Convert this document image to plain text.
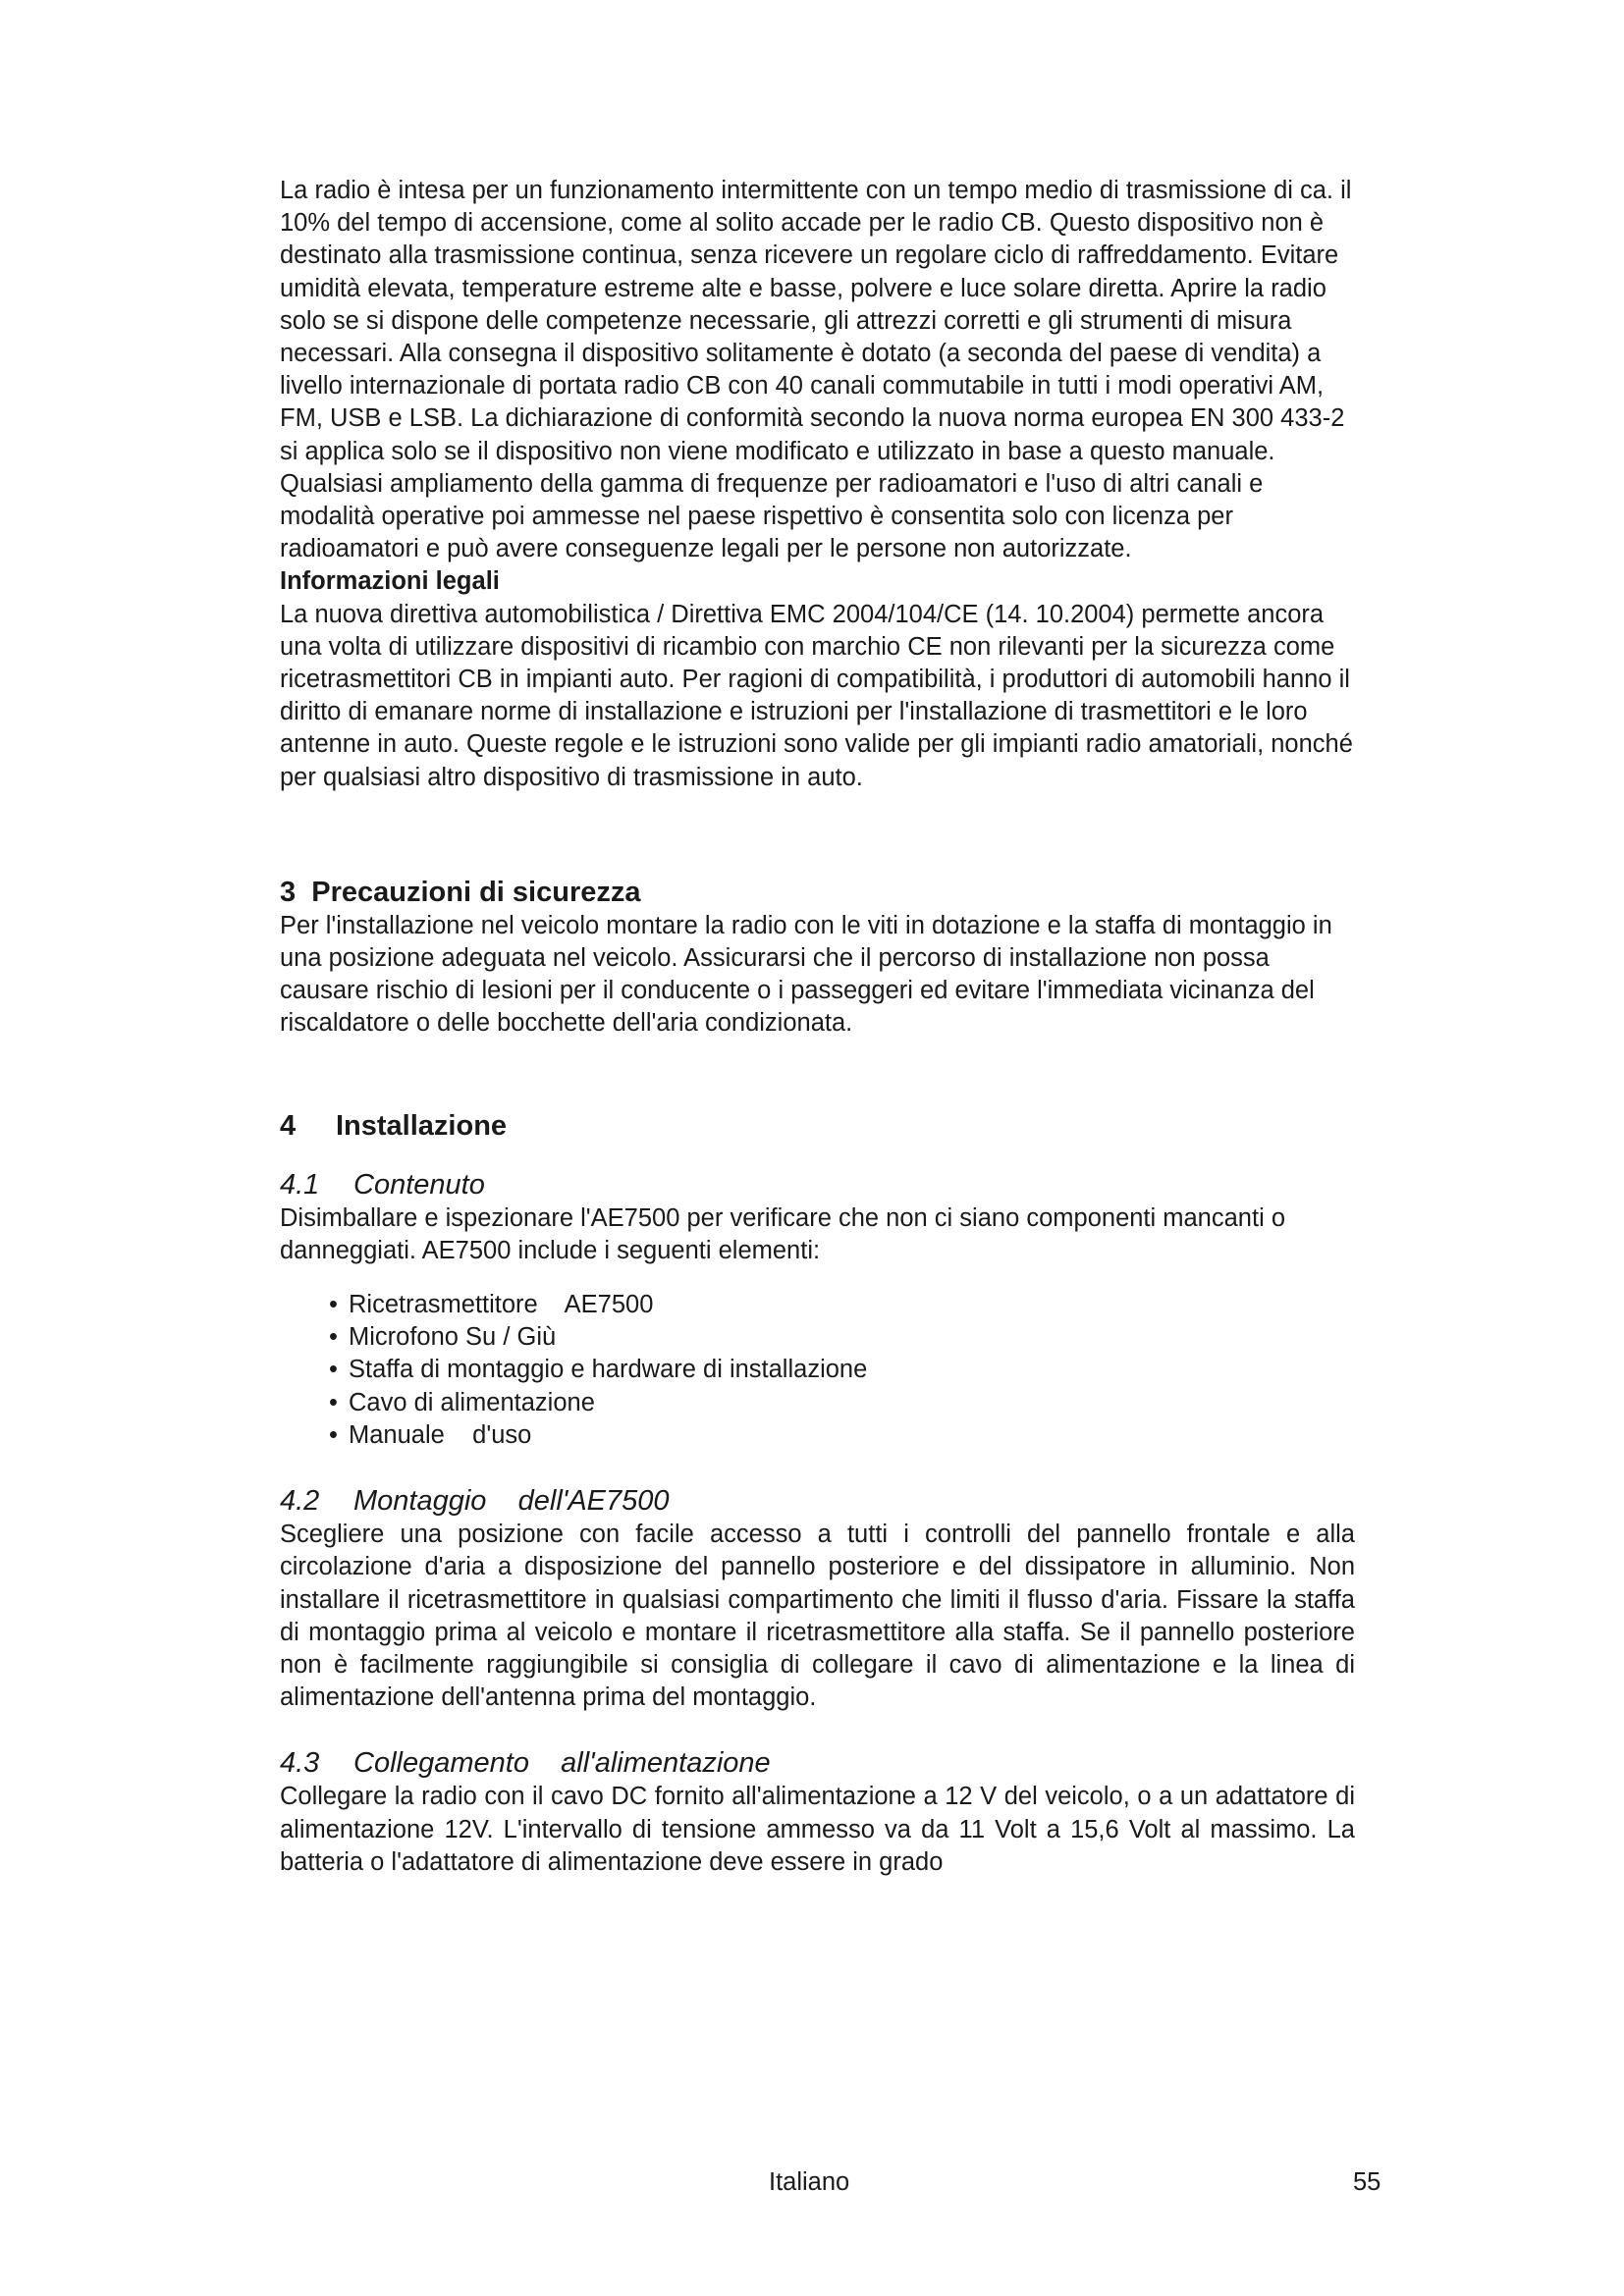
La radio è intesa per un funzionamento intermittente con un tempo medio di trasmissione di ca. il 10% del tempo di accensione, come al solito accade per le radio CB. Questo dispositivo non è destinato alla trasmissione continua, senza ricevere un regolare ciclo di raffreddamento. Evitare umidità elevata, temperature estreme alte e basse, polvere e luce solare diretta. Aprire la radio solo se si dispone delle competenze necessarie, gli attrezzi corretti e gli strumenti di misura necessari. Alla consegna il dispositivo solitamente è dotato (a seconda del paese di vendita) a livello internazionale di portata radio CB con 40 canali commutabile in tutti i modi operativi AM, FM, USB e LSB. La dichiarazione di conformità secondo la nuova norma europea EN 300 433-2 si applica solo se il dispositivo non viene modificato e utilizzato in base a questo manuale. Qualsiasi ampliamento della gamma di frequenze per radioamatori e l'uso di altri canali e modalità operative poi ammesse nel paese rispettivo è consentita solo con licenza per radioamatori e può avere conseguenze legali per le persone non autorizzate.

Informazioni legali

La nuova direttiva automobilistica / Direttiva EMC 2004/104/CE (14. 10.2004) permette ancora una volta di utilizzare dispositivi di ricambio con marchio CE non rilevanti per la sicurezza come ricetrasmettitori CB in impianti auto. Per ragioni di compatibilità, i produttori di automobili hanno il diritto di emanare norme di installazione e istruzioni per l'installazione di trasmettitori e le loro antenne in auto. Queste regole e le istruzioni sono valide per gli impianti radio amatoriali, nonché per qualsiasi altro dispositivo di trasmissione in auto.

3 Precauzioni di sicurezza

Per l'installazione nel veicolo montare la radio con le viti in dotazione e la staffa di montaggio in una posizione adeguata nel veicolo. Assicurarsi che il percorso di installazione non possa causare rischio di lesioni per il conducente o i passeggeri ed evitare l'immediata vicinanza del riscaldatore o delle bocchette dell'aria condizionata.

4 Installazione
4.1 Contenuto

Disimballare e ispezionare l'AE7500 per verificare che non ci siano componenti mancanti o danneggiati. AE7500 include i seguenti elementi:

• Ricetrasmettitore    AE7500
• Microfono Su / Giù
• Staffa di montaggio e hardware di installazione
• Cavo di alimentazione
• Manuale    d'uso
4.2 Montaggio    dell'AE7500

Scegliere una posizione con facile accesso a tutti i controlli del pannello frontale e alla circolazione d'aria a disposizione del pannello posteriore e del dissipatore in alluminio. Non installare il ricetrasmettitore in qualsiasi compartimento che limiti il flusso d'aria. Fissare la staffa di montaggio prima al veicolo e montare il ricetrasmettitore alla staffa. Se il pannello posteriore non è facilmente raggiungibile si consiglia di collegare il cavo di alimentazione e la linea di alimentazione dell'antenna prima del montaggio.

4.3 Collegamento    all'alimentazione

Collegare la radio con il cavo DC fornito all'alimentazione a 12 V del veicolo, o a un adattatore di alimentazione 12V. L'intervallo di tensione ammesso va da 11 Volt a 15,6 Volt al massimo. La batteria o l'adattatore di alimentazione deve essere in grado

Italiano	55
